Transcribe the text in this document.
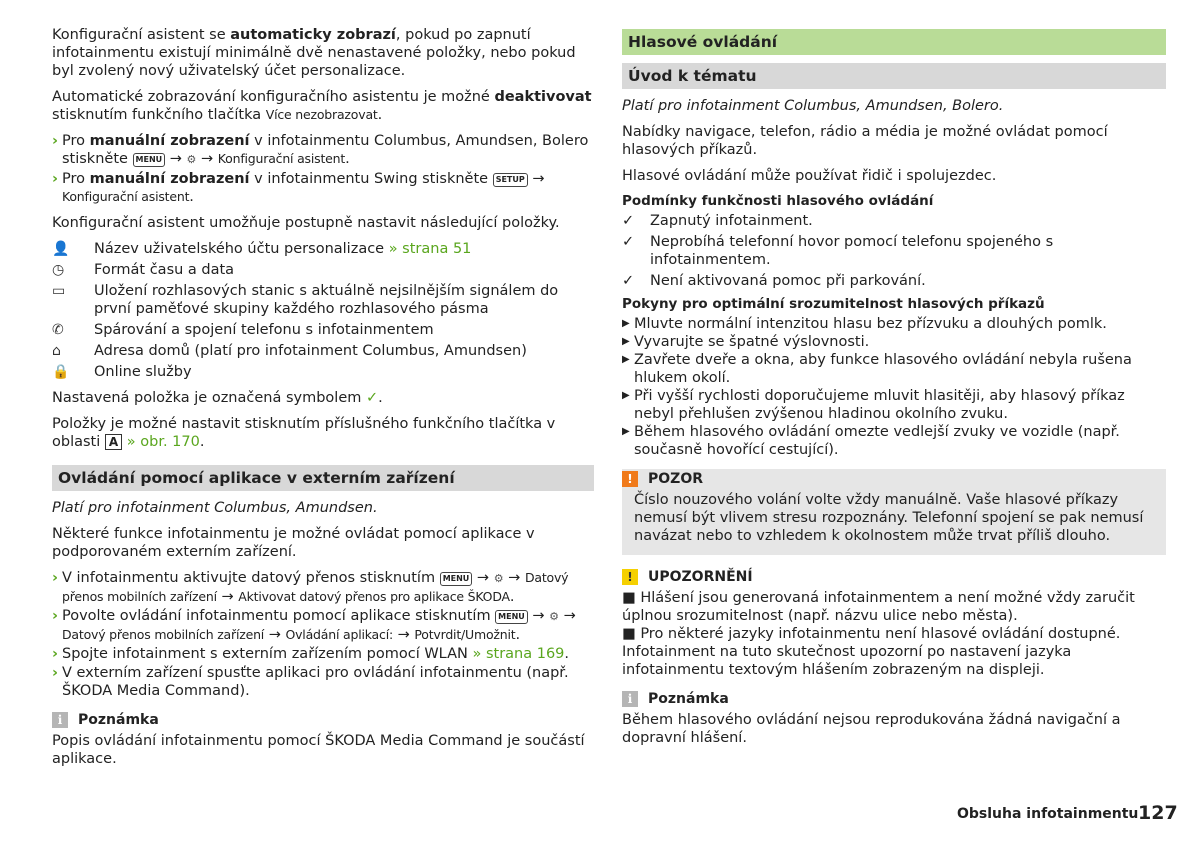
Konfigurační asistent se automaticky zobrazí, pokud po zapnutí infotainmentu existují minimálně dvě nenastavené položky, nebo pokud byl zvolený nový uživatelský účet personalizace.

Automatické zobrazování konfiguračního asistentu je možné deaktivovat stisknutím funkčního tlačítka Více nezobrazovat.

› Pro manuální zobrazení v infotainmentu Columbus, Amundsen, Bolero stiskněte MENU → ⚙ → Konfigurační asistent.
› Pro manuální zobrazení v infotainmentu Swing stiskněte SETUP → Konfigurační asistent.

Konfigurační asistent umožňuje postupně nastavit následující položky.

👤	Název uživatelského účtu personalizace » strana 51
◷	Formát času a data
▭	Uložení rozhlasových stanic s aktuálně nejsilnějším signálem do první paměťové skupiny každého rozhlasového pásma
✆	Spárování a spojení telefonu s infotainmentem
⌂	Adresa domů (platí pro infotainment Columbus, Amundsen)
🔒	Online služby

Nastavená položka je označená symbolem ✓.

Položky je možné nastavit stisknutím příslušného funkčního tlačítka v oblasti A » obr. 170.

Ovládání pomocí aplikace v externím zařízení

Platí pro infotainment Columbus, Amundsen.

Některé funkce infotainmentu je možné ovládat pomocí aplikace v podporovaném externím zařízení.

› V infotainmentu aktivujte datový přenos stisknutím MENU → ⚙ → Datový přenos mobilních zařízení → Aktivovat datový přenos pro aplikace ŠKODA.
› Povolte ovládání infotainmentu pomocí aplikace stisknutím MENU → ⚙ → Datový přenos mobilních zařízení → Ovládání aplikací: → Potvrdit/Umožnit.
› Spojte infotainment s externím zařízením pomocí WLAN » strana 169.
› V externím zařízení spusťte aplikaci pro ovládání infotainmentu (např. ŠKODA Media Command).
i	Poznámka

Popis ovládání infotainmentu pomocí ŠKODA Media Command je součástí aplikace.

Hlasové ovládání
Úvod k tématu

Platí pro infotainment Columbus, Amundsen, Bolero.

Nabídky navigace, telefon, rádio a média je možné ovládat pomocí hlasových příkazů.

Hlasové ovládání může používat řidič i spolujezdec.

Podmínky funkčnosti hlasového ovládání
✓	Zapnutý infotainment.
✓	Neprobíhá telefonní hovor pomocí telefonu spojeného s infotainmentem.
✓	Není aktivovaná pomoc při parkování.
Pokyny pro optimální srozumitelnost hlasových příkazů
▶ Mluvte normální intenzitou hlasu bez přízvuku a dlouhých pomlk.
▶ Vyvarujte se špatné výslovnosti.
▶ Zavřete dveře a okna, aby funkce hlasového ovládání nebyla rušena hlukem okolí.
▶ Při vyšší rychlosti doporučujeme mluvit hlasitěji, aby hlasový příkaz nebyl přehlušen zvýšenou hladinou okolního zvuku.
▶ Během hlasového ovládání omezte vedlejší zvuky ve vozidle (např. současně hovořící cestující).
!	POZOR

Číslo nouzového volání volte vždy manuálně. Vaše hlasové příkazy nemusí být vlivem stresu rozpoznány. Telefonní spojení se pak nemusí navázat nebo to vzhledem k okolnostem může trvat příliš dlouho.

!	UPOZORNĚNÍ

■ Hlášení jsou generovaná infotainmentem a není možné vždy zaručit úplnou srozumitelnost (např. názvu ulice nebo města).

■ Pro některé jazyky infotainmentu není hlasové ovládání dostupné. Infotainment na tuto skutečnost upozorní po nastavení jazyka infotainmentu textovým hlášením zobrazeným na displeji.

i	Poznámka

Během hlasového ovládání nejsou reprodukována žádná navigační a dopravní hlášení.

Obsluha infotainmentu 127
